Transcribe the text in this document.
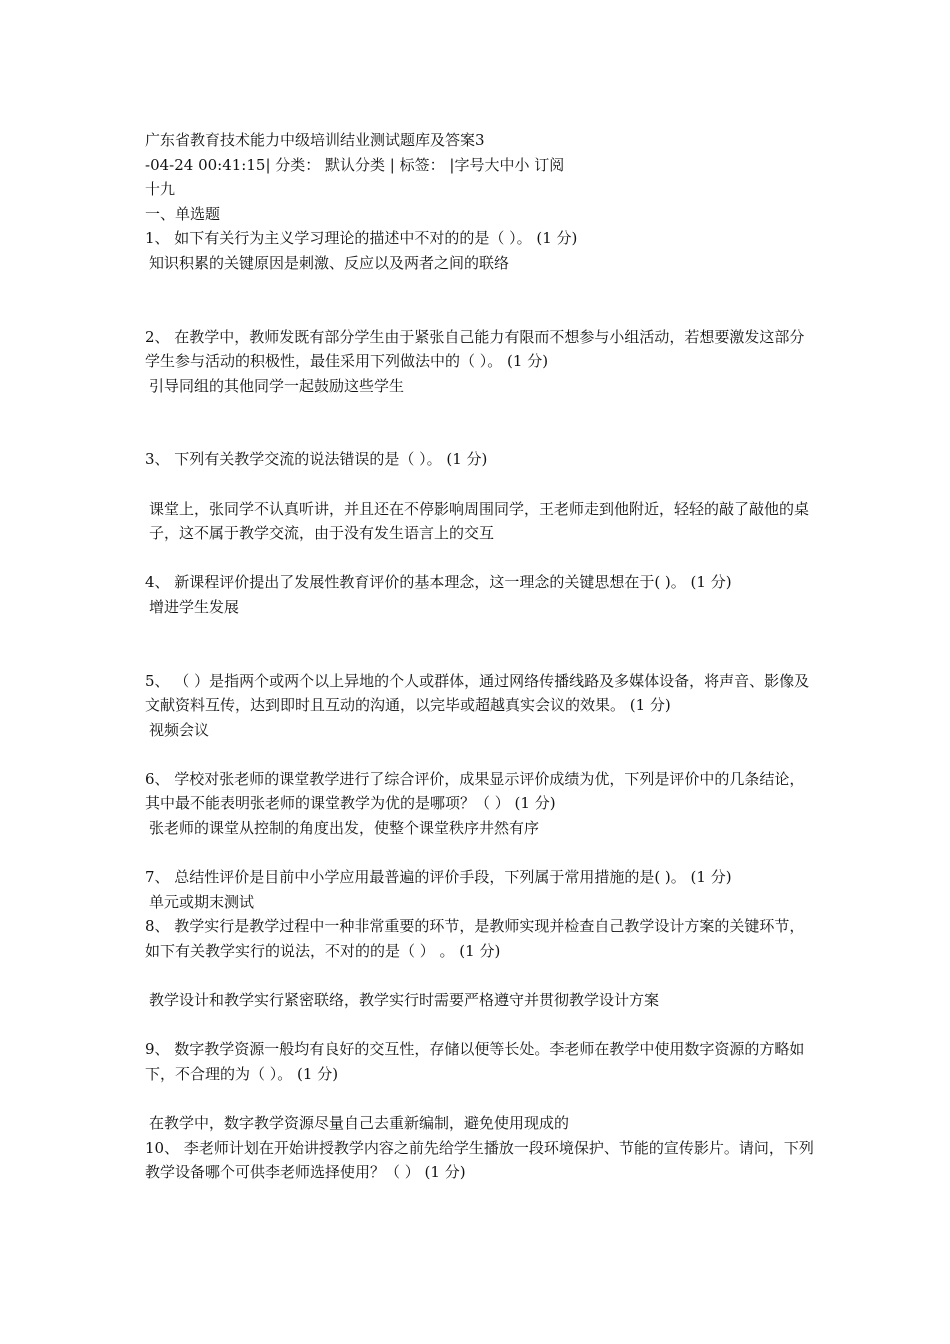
广东省教育技术能力中级培训结业测试题库及答案3
-04-24 00:41:15| 分类： 默认分类 | 标签： |字号大中小 订阅
十九
一、单选题
1、 如下有关行为主义学习理论的描述中不对的的是（ ）。 (1 分)
知识积累的关键原因是刺激、反应以及两者之间的联络
2、 在教学中，教师发既有部分学生由于紧张自己能力有限而不想参与小组活动，若想要激发这部分学生参与活动的积极性，最佳采用下列做法中的（ ）。 (1 分)
引导同组的其他同学一起鼓励这些学生
3、 下列有关教学交流的说法错误的是（ ）。 (1 分)
课堂上，张同学不认真听讲，并且还在不停影响周围同学，王老师走到他附近，轻轻的敲了敲他的桌子，这不属于教学交流，由于没有发生语言上的交互
4、 新课程评价提出了发展性教育评价的基本理念，这一理念的关键思想在于( )。 (1 分)
增进学生发展
5、 （ ）是指两个或两个以上异地的个人或群体，通过网络传播线路及多媒体设备，将声音、影像及文献资料互传，达到即时且互动的沟通，以完毕或超越真实会议的效果。 (1 分)
视频会议
6、 学校对张老师的课堂教学进行了综合评价，成果显示评价成绩为优，下列是评价中的几条结论，其中最不能表明张老师的课堂教学为优的是哪项？（ ） (1 分)
张老师的课堂从控制的角度出发，使整个课堂秩序井然有序
7、 总结性评价是目前中小学应用最普遍的评价手段，下列属于常用措施的是( )。 (1 分)
单元或期末测试
8、 教学实行是教学过程中一种非常重要的环节，是教师实现并检查自己教学设计方案的关键环节，如下有关教学实行的说法，不对的的是（ ） 。 (1 分)
教学设计和教学实行紧密联络，教学实行时需要严格遵守并贯彻教学设计方案
9、 数字教学资源一般均有良好的交互性，存储以便等长处。李老师在教学中使用数字资源的方略如下，不合理的为（ ）。 (1 分)
在教学中，数字教学资源尽量自己去重新编制，避免使用现成的
10、 李老师计划在开始讲授教学内容之前先给学生播放一段环境保护、节能的宣传影片。请问，下列教学设备哪个可供李老师选择使用？（ ） (1 分)
